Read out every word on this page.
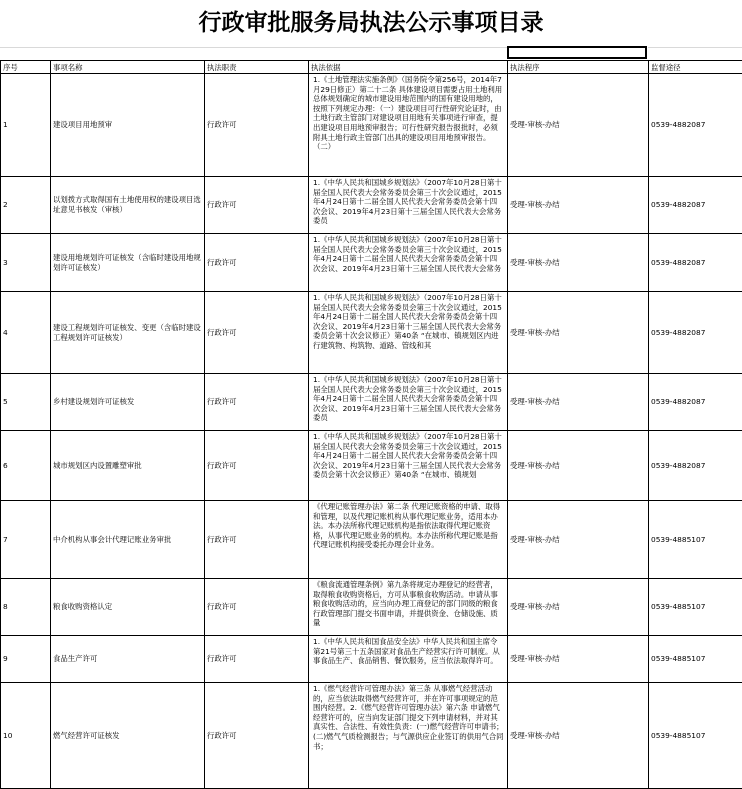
行政审批服务局执法公示事项目录
序号	事项名称	执法职责	执法依据	执法程序	监督途径
1	建设项目用地预审	行政许可	1.《土地管理法实施条例》（国务院令第256号，2014年7月29日修正）第二十二条 具体建设项目需要占用土地利用总体规划确定的城市建设用地范围内的国有建设用地的，按照下列规定办理：（一）建设项目可行性研究论证时，由土地行政主管部门对建设项目用地有关事项进行审查，提出建设项目用地预审报告；可行性研究报告报批时，必须附具土地行政主管部门出具的建设项目用地预审报告。（二）	受理-审核-办结	0539-4882087
2	以划拨方式取得国有土地使用权的建设项目选址意见书核发（审核）	行政许可	1.《中华人民共和国城乡规划法》（2007年10月28日第十届全国人民代表大会常务委员会第三十次会议通过，2015年4月24日第十二届全国人民代表大会常务委员会第十四次会议、2019年4月23日第十三届全国人民代表大会常务委员	受理-审核-办结	0539-4882087
3	建设用地规划许可证核发（含临时建设用地规划许可证核发）	行政许可	1.《中华人民共和国城乡规划法》（2007年10月28日第十届全国人民代表大会常务委员会第三十次会议通过，2015年4月24日第十二届全国人民代表大会常务委员会第十四次会议、2019年4月23日第十三届全国人民代表大会常务	受理-审核-办结	0539-4882087
4	建设工程规划许可证核发、变更（含临时建设工程规划许可证核发）	行政许可	1.《中华人民共和国城乡规划法》（2007年10月28日第十届全国人民代表大会常务委员会第三十次会议通过，2015年4月24日第十二届全国人民代表大会常务委员会第十四次会议、2019年4月23日第十三届全国人民代表大会常务委员会第十次会议修正）第40条 “在城市、镇规划区内进行建筑物、构筑物、道路、管线和其	受理-审核-办结	0539-4882087
5	乡村建设规划许可证核发	行政许可	1.《中华人民共和国城乡规划法》（2007年10月28日第十届全国人民代表大会常务委员会第三十次会议通过，2015年4月24日第十二届全国人民代表大会常务委员会第十四次会议、2019年4月23日第十三届全国人民代表大会常务委员	受理-审核-办结	0539-4882087
6	城市规划区内设置雕塑审批	行政许可	1.《中华人民共和国城乡规划法》（2007年10月28日第十届全国人民代表大会常务委员会第三十次会议通过，2015年4月24日第十二届全国人民代表大会常务委员会第十四次会议、2019年4月23日第十三届全国人民代表大会常务委员会第十次会议修正）第40条 “在城市、镇规划	受理-审核-办结	0539-4882087
7	中介机构从事会计代理记账业务审批	行政许可	《代理记账管理办法》第二条 代理记账资格的申请、取得和管理，以及代理记账机构从事代理记账业务，适用本办法。本办法所称代理记账机构是指依法取得代理记账资格，从事代理记账业务的机构。本办法所称代理记账是指代理记账机构接受委托办理会计业务。	受理-审核-办结	0539-4885107
8	粮食收购资格认定	行政许可	《粮食流通管理条例》第九条将规定办理登记的经营者，取得粮食收购资格后，方可从事粮食收购活动。申请从事粮食收购活动的，应当向办理工商登记的部门同级的粮食行政管理部门提交书面申请，并提供资金、仓储设施、质量	受理-审核-办结	0539-4885107
9	食品生产许可	行政许可	1.《中华人民共和国食品安全法》中华人民共和国主席令第21号第三十五条国家对食品生产经营实行许可制度。从事食品生产、食品销售、餐饮服务，应当依法取得许可。	受理-审核-办结	0539-4885107
10	燃气经营许可证核发	行政许可	1.《燃气经营许可管理办法》第三条 从事燃气经营活动的，应当依法取得燃气经营许可，并在许可事项规定的范围内经营。2.《燃气经营许可管理办法》第六条 申请燃气经营许可的，应当向发证部门提交下列申请材料，并对其真实性、合法性、有效性负责：(一)燃气经营许可申请书；(二)燃气气质检测报告；与气源供应企业签订的供用气合同书；	受理-审核-办结	0539-4885107
